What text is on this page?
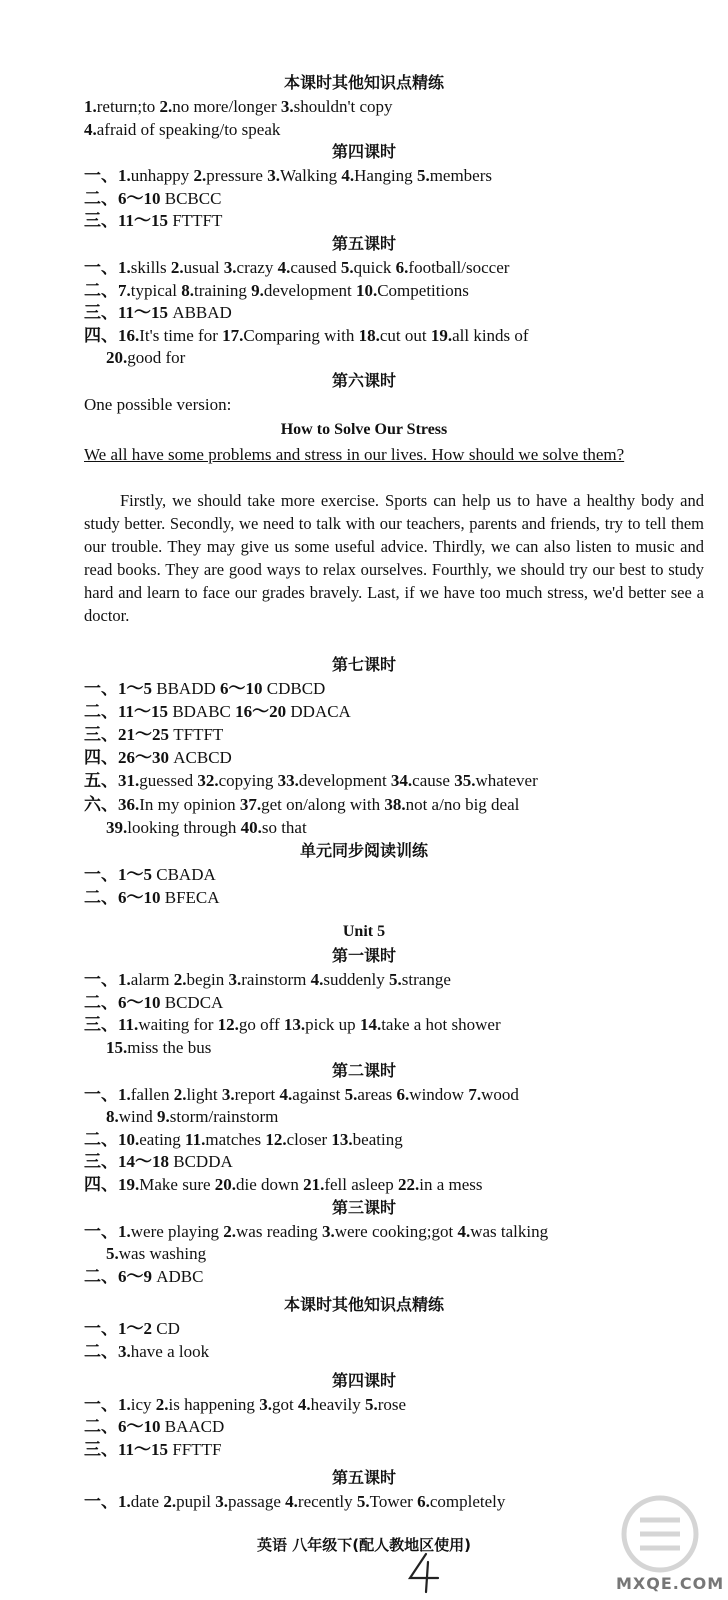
本课时其他知识点精练
1.return;to 2.no more/longer 3.shouldn't copy
4.afraid of speaking/to speak
第四课时
一、1.unhappy 2.pressure 3.Walking 4.Hanging 5.members
二、6～10 BCBCC
三、11～15 FTTFT
第五课时
一、1.skills 2.usual 3.crazy 4.caused 5.quick 6.football/soccer
二、7.typical 8.training 9.development 10.Competitions
三、11～15 ABBAD
四、16.It's time for 17.Comparing with 18.cut out 19.all kinds of
20.good for
第六课时
One possible version:
How to Solve Our Stress
We all have some problems and stress in our lives. How should we solve them?
Firstly, we should take more exercise. Sports can help us to have a healthy body and study better. Secondly, we need to talk with our teachers, parents and friends, try to tell them our trouble. They may give us some useful advice. Thirdly, we can also listen to music and read books. They are good ways to relax ourselves. Fourthly, we should try our best to study hard and learn to face our grades bravely. Last, if we have too much stress, we'd better see a doctor.
第七课时
一、1～5 BBADD 6～10 CDBCD
二、11～15 BDABC 16～20 DDACA
三、21～25 TFTFT
四、26～30 ACBCD
五、31.guessed 32.copying 33.development 34.cause 35.whatever
六、36.In my opinion 37.get on/along with 38.not a/no big deal
39.looking through 40.so that
单元同步阅读训练
一、1～5 CBADA
二、6～10 BFECA
Unit 5
第一课时
一、1.alarm 2.begin 3.rainstorm 4.suddenly 5.strange
二、6～10 BCDCA
三、11.waiting for 12.go off 13.pick up 14.take a hot shower
15.miss the bus
第二课时
一、1.fallen 2.light 3.report 4.against 5.areas 6.window 7.wood
8.wind 9.storm/rainstorm
二、10.eating 11.matches 12.closer 13.beating
三、14～18 BCDDA
四、19.Make sure 20.die down 21.fell asleep 22.in a mess
第三课时
一、1.were playing 2.was reading 3.were cooking;got 4.was talking
5.was washing
二、6～9 ADBC
本课时其他知识点精练
一、1～2 CD
二、3.have a look
第四课时
一、1.icy 2.is happening 3.got 4.heavily 5.rose
二、6～10 BAACD
三、11～15 FFTTF
第五课时
一、1.date 2.pupil 3.passage 4.recently 5.Tower 6.completely
英语 八年级下(配人教地区使用)
MXQE.COM
